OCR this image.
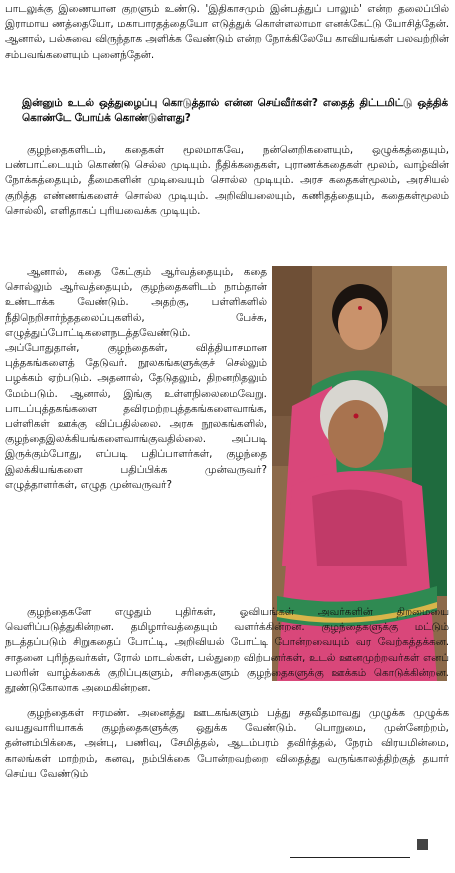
பாடலுக்கு இணையான குறளும் உண்டு. 'இதிகாசமும் இன்பத்துப் பாலும்' என்ற தலைப்பில் இராமாய ணத்தையோ, மகாபாரதத்தையோ எடுத்துக் கொள்ளலாமா எனக்கேட்டு யோசித்தேன். ஆனால், பல்சுவை விருந்தாக அளிக்க வேண்டும் என்ற நோக்கிலேயே காவியங்கள் பலவற்றின் சம்பவங்களையும் புனைந்தேன்.

இன்னும் உடல் ஒத்துழைப்பு கொடுத்தால் என்ன செய்வீர்கள்? எதைத் திட்டமிட்டு ஒத்திக் கொண்டே போய்க் கொண்டுள்ளது?

குழந்தைகளிடம், கதைகள் மூலமாகவே, நன்னெறிகளையும், ஒழுக்கத்தையும், பண்பாட்டையும் கொண்டு செல்ல முடியும். நீதிக்கதைகள், புராணக்கதைகள் மூலம், வாழ்வின் நோக்கத்தையும், தீமைகளின் முடிவையும் சொல்ல முடியும். அரச கதைகள்மூலம், அரசியல் குறித்த எண்ணங்களைச் சொல்ல முடியும். அறிவியலையும், கணிதத்தையும், கதைகள்மூலம் சொல்லி, எளிதாகப் புரியவைக்க முடியும்.

ஆனால், கதை கேட்கும் ஆர்வத்தையும், கதை சொல்லும் ஆர்வத்தையும், குழந்தைகளிடம் நாம்தான் உண்டாக்க வேண்டும். அதற்கு, பள்ளிகளில் நீதிநெறிசார்ந்ததலைப்புகளில், பேச்சு, எழுத்துப்போட்டிகளைநடத்தவேண்டும். அப்போதுதான், குழந்தைகள், வித்தியாசமான புத்தகங்களைத் தேடுவர். நூலகங்களுக்குச் செல்லும் பழக்கம் ஏற்படும். அதனால், தேடுதலும், திறனறிதலும் மேம்படும். ஆனால், இங்கு உள்ளநிலைமைவேறு. பாடப்புத்தகங்களை தவிரமற்றபுத்தகங்களைவாங்க, பள்ளிகள் ஊக்கு விப்பதில்லை. அரசு நூலகங்களில், குழந்தைஇலக்கியங்களைவாங்குவதில்லை. அப்படி இருக்கும்போது, எப்படி பதிப்பாளர்கள், குழந்தை இலக்கியங்களை பதிப்பிக்க முன்வருவர்? எழுத்தாளர்கள், எழுத முன்வருவர்?

குழந்தைகளே எழுதும் புதிர்கள், ஓவியங்கள் அவர்களின் திறமையை வெளிப்படுத்துகின்றன. தமிழார்வத்தையும் வளர்க்கின்றன. குழந்தைகளுக்கு மட்டும் நடத்தப்படும் சிறுகதைப் போட்டி, அறிவியல் போட்டி போன்றவையும் வர வேற்கத்தக்கன. சாதனை புரிந்தவர்கள், ரோல் மாடல்கள், பல்துறை விற்பனர்கள், உடல் ஊனமுற்றவர்கள் எனப் பலரின் வாழ்க்கைக் குறிப்புகளும், சரிதைகளும் குழந்தைகளுக்கு ஊக்கம் கொடுக்கின்றன. தூண்டுகோலாக அமைகின்றன.

குழந்தைகள் ஈரமண். அனைத்து ஊடகங்களும் பத்து சதவீதமாவது முழுக்க முழுக்க வயதுவாரியாகக் குழந்தைகளுக்கு ஒதுக்க வேண்டும். பொறுமை, முன்னேற்றம், தன்னம்பிக்கை, அன்பு, பணிவு, சேமித்தல், ஆடம்பரம் தவிர்த்தல், நேரம் விரயமின்மை, காலங்கள் மாற்றம், கனவு, நம்பிக்கை போன்றவற்றை விதைத்து வருங்காலத்திற்குத் தயார் செய்ய வேண்டும்
